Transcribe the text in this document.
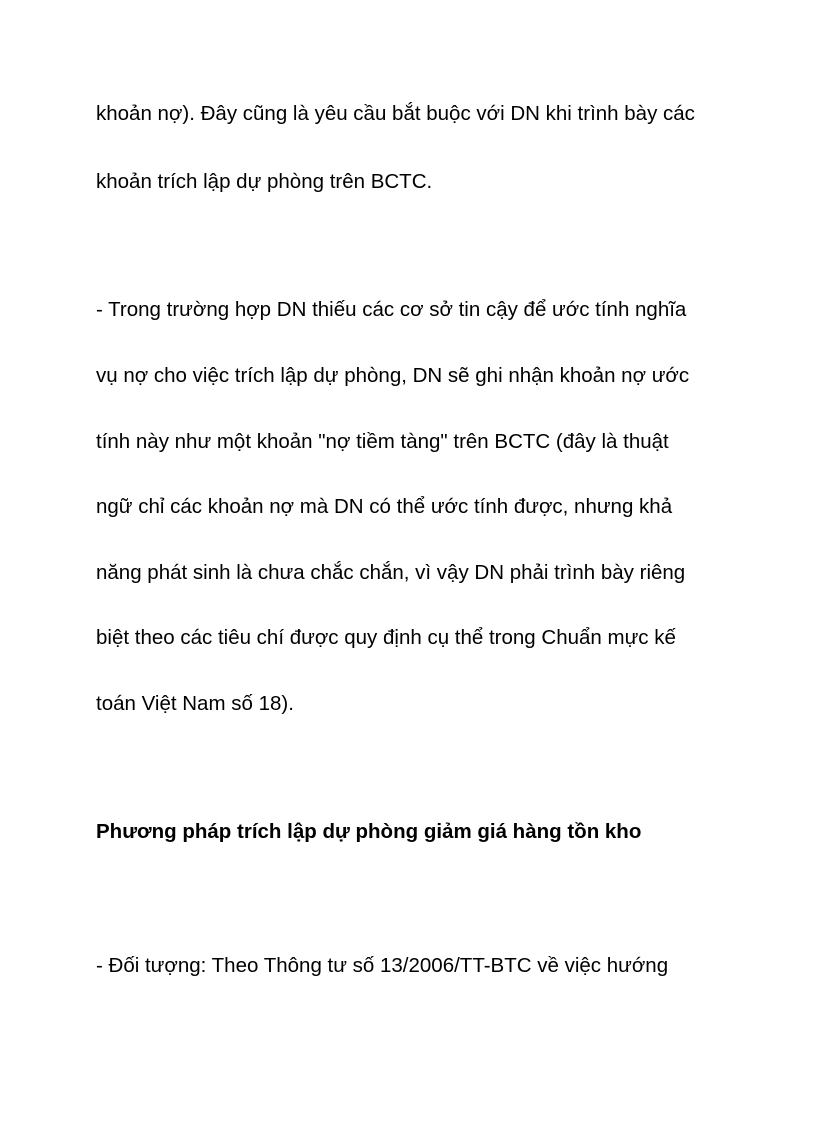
khoản nợ). Đây cũng là yêu cầu bắt buộc với DN khi trình bày các
khoản trích lập dự phòng trên BCTC.
- Trong trường hợp DN thiếu các cơ sở tin cậy để ước tính nghĩa
vụ nợ cho việc trích lập dự phòng, DN sẽ ghi nhận khoản nợ ước
tính này như một khoản "nợ tiềm tàng" trên BCTC (đây là thuật
ngữ chỉ các khoản nợ mà DN có thể ước tính được, nhưng khả
năng phát sinh là chưa chắc chắn, vì vậy DN phải trình bày riêng
biệt theo các tiêu chí được quy định cụ thể trong Chuẩn mực kế
toán Việt Nam số 18).
Phương pháp trích lập dự phòng giảm giá hàng tồn kho
- Đối tượng: Theo Thông tư số 13/2006/TT-BTC về việc hướng
